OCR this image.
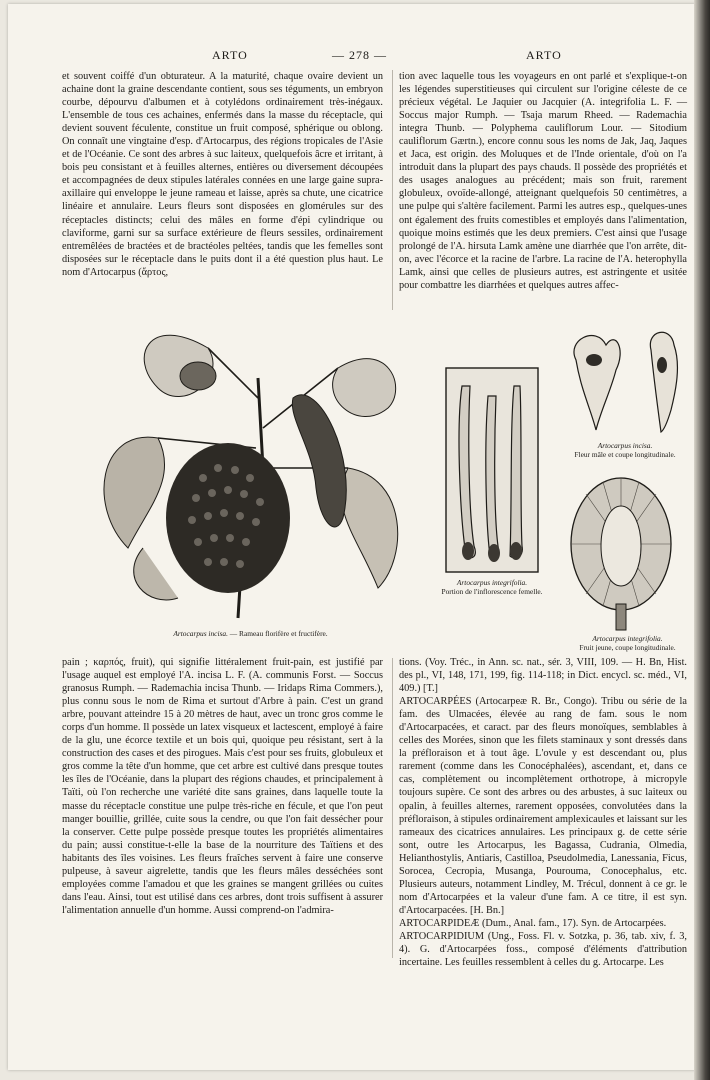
ARTO	— 278 —	ARTO

et souvent coiffé d'un obturateur. A la maturité, chaque ovaire devient un achaine dont la graine descendante contient, sous ses téguments, un embryon courbe, dépourvu d'albumen et à cotylédons ordinairement très-inégaux. L'ensemble de tous ces achaines, enfermés dans la masse du réceptacle, qui devient souvent féculente, constitue un fruit composé, sphérique ou oblong. On connaît une vingtaine d'esp. d'Artocarpus, des régions tropicales de l'Asie et de l'Océanie. Ce sont des arbres à suc laiteux, quelquefois âcre et irritant, à bois peu consistant et à feuilles alternes, entières ou diversement découpées et accompagnées de deux stipules latérales connées en une large gaine supra-axillaire qui enveloppe le jeune rameau et laisse, après sa chute, une cicatrice linéaire et annulaire. Leurs fleurs sont disposées en glomérules sur des réceptacles distincts; celui des mâles en forme d'épi cylindrique ou claviforme, garni sur sa surface extérieure de fleurs sessiles, ordinairement entremêlées de bractées et de bractéoles peltées, tandis que les femelles sont disposées sur le réceptacle dans le puits dont il a été question plus haut. Le nom d'Artocarpus (ἄρτος,

tion avec laquelle tous les voyageurs en ont parlé et s'explique-t-on les légendes superstitieuses qui circulent sur l'origine céleste de ce précieux végétal. Le Jaquier ou Jacquier (A. integrifolia L. F. — Soccus major Rumph. — Tsaja marum Rheed. — Rademachia integra Thunb. — Polyphema cauliflorum Lour. — Sitodium cauliflorum Gærtn.), encore connu sous les noms de Jak, Jaq, Jaques et Jaca, est origin. des Moluques et de l'Inde orientale, d'où on l'a introduit dans la plupart des pays chauds. Il possède des propriétés et des usages analogues au précédent; mais son fruit, rarement globuleux, ovoïde-allongé, atteignant quelquefois 50 centimètres, a une pulpe qui s'altère facilement. Parmi les autres esp., quelques-unes ont également des fruits comestibles et employés dans l'alimentation, quoique moins estimés que les deux premiers. C'est ainsi que l'usage prolongé de l'A. hirsuta Lamk amène une diarrhée que l'on arrête, dit-on, avec l'écorce et la racine de l'arbre. La racine de l'A. heterophylla Lamk, ainsi que celles de plusieurs autres, est astringente et usitée pour combattre les diarrhées et quelques autres affec-

Artocarpus incisa. — Rameau florifère et fructifère.
Artocarpus integrifolia.
Portion de l'inflorescence femelle.
Artocarpus incisa.
Fleur mâle et coupe longitudinale.
Artocarpus integrifolia.
Fruit jeune, coupe longitudinale.

pain ; καρπός, fruit), qui signifie littéralement fruit-pain, est justifié par l'usage auquel est employé l'A. incisa L. F. (A. communis Forst. — Soccus granosus Rumph. — Rademachia incisa Thunb. — Iridaps Rima Commers.), plus connu sous le nom de Rima et surtout d'Arbre à pain. C'est un grand arbre, pouvant atteindre 15 à 20 mètres de haut, avec un tronc gros comme le corps d'un homme. Il possède un latex visqueux et lactescent, employé à faire de la glu, une écorce textile et un bois qui, quoique peu résistant, sert à la construction des cases et des pirogues. Mais c'est pour ses fruits, globuleux et gros comme la tête d'un homme, que cet arbre est cultivé dans presque toutes les îles de l'Océanie, dans la plupart des régions chaudes, et principalement à Taïti, où l'on recherche une variété dite sans graines, dans laquelle toute la masse du réceptacle constitue une pulpe très-riche en fécule, et que l'on peut manger bouillie, grillée, cuite sous la cendre, ou que l'on fait dessécher pour la conserver. Cette pulpe possède presque toutes les propriétés alimentaires du pain; aussi constitue-t-elle la base de la nourriture des Taïtiens et des habitants des îles voisines. Les fleurs fraîches servent à faire une conserve pulpeuse, à saveur aigrelette, tandis que les fleurs mâles desséchées sont employées comme l'amadou et que les graines se mangent grillées ou cuites dans l'eau. Ainsi, tout est utilisé dans ces arbres, dont trois suffisent à assurer l'alimentation annuelle d'un homme. Aussi comprend-on l'admira-

tions. (Voy. Tréc., in Ann. sc. nat., sér. 3, VIII, 109. — H. Bn, Hist. des pl., VI, 148, 171, 199, fig. 114-118; in Dict. encycl. sc. méd., VI, 409.) [T.]

ARTOCARPÉES (Artocarpeæ R. Br., Congo). Tribu ou série de la fam. des Ulmacées, élevée au rang de fam. sous le nom d'Artocarpacées, et caract. par des fleurs monoïques, semblables à celles des Morées, sinon que les filets staminaux y sont dressés dans la préfloraison et à tout âge. L'ovule y est descendant ou, plus rarement (comme dans les Conocéphalées), ascendant, et, dans ce cas, complètement ou incomplètement orthotrope, à micropyle toujours supère. Ce sont des arbres ou des arbustes, à suc laiteux ou opalin, à feuilles alternes, rarement opposées, convolutées dans la préfloraison, à stipules ordinairement amplexicaules et laissant sur les rameaux des cicatrices annulaires. Les principaux g. de cette série sont, outre les Artocarpus, les Bagassa, Cudrania, Olmedia, Helianthostylis, Antiaris, Castilloa, Pseudolmedia, Lanessania, Ficus, Sorocea, Cecropia, Musanga, Pourouma, Conocephalus, etc. Plusieurs auteurs, notamment Lindley, M. Trécul, donnent à ce gr. le nom d'Artocarpées et la valeur d'une fam. A ce titre, il est syn. d'Artocarpacées. [H. Bn.]

ARTOCARPIDEÆ (Dum., Anal. fam., 17). Syn. de Artocarpées.

ARTOCARPIDIUM (Ung., Foss. Fl. v. Sotzka, p. 36, tab. xiv, f. 3, 4). G. d'Artocarpées foss., composé d'éléments d'attribution incertaine. Les feuilles ressemblent à celles du g. Artocarpe. Les
